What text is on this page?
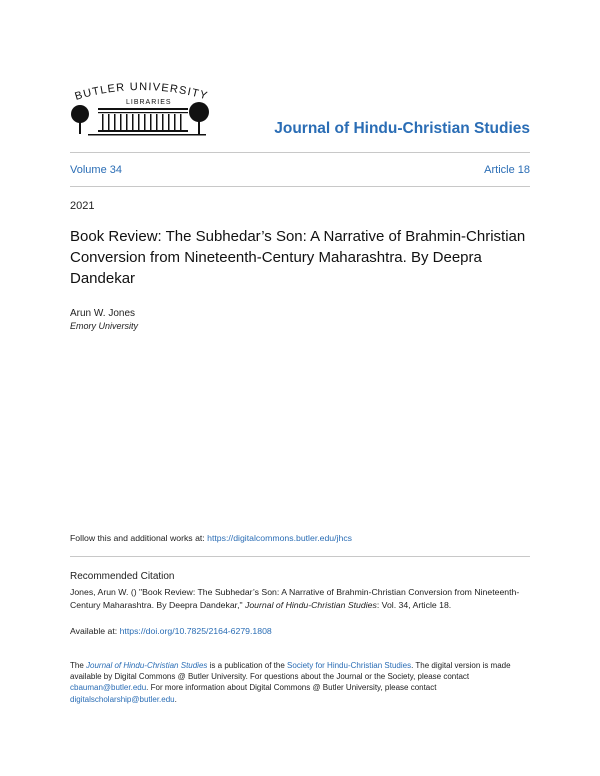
BUTLER UNIVERSITY
LIBRARIES
Journal of Hindu-Christian Studies
Volume 34	Article 18
2021
Book Review: The Subhedar’s Son: A Narrative of Brahmin-Christian Conversion from Nineteenth-Century Maharashtra. By Deepra Dandekar
Arun W. Jones
Emory University
Follow this and additional works at: https://digitalcommons.butler.edu/jhcs
Recommended Citation
Jones, Arun W. () "Book Review: The Subhedar’s Son: A Narrative of Brahmin-Christian Conversion from Nineteenth-Century Maharashtra. By Deepra Dandekar," Journal of Hindu-Christian Studies: Vol. 34, Article 18.
Available at: https://doi.org/10.7825/2164-6279.1808
The Journal of Hindu-Christian Studies is a publication of the Society for Hindu-Christian Studies. The digital version is made available by Digital Commons @ Butler University. For questions about the Journal or the Society, please contact cbauman@butler.edu. For more information about Digital Commons @ Butler University, please contact digitalscholarship@butler.edu.
